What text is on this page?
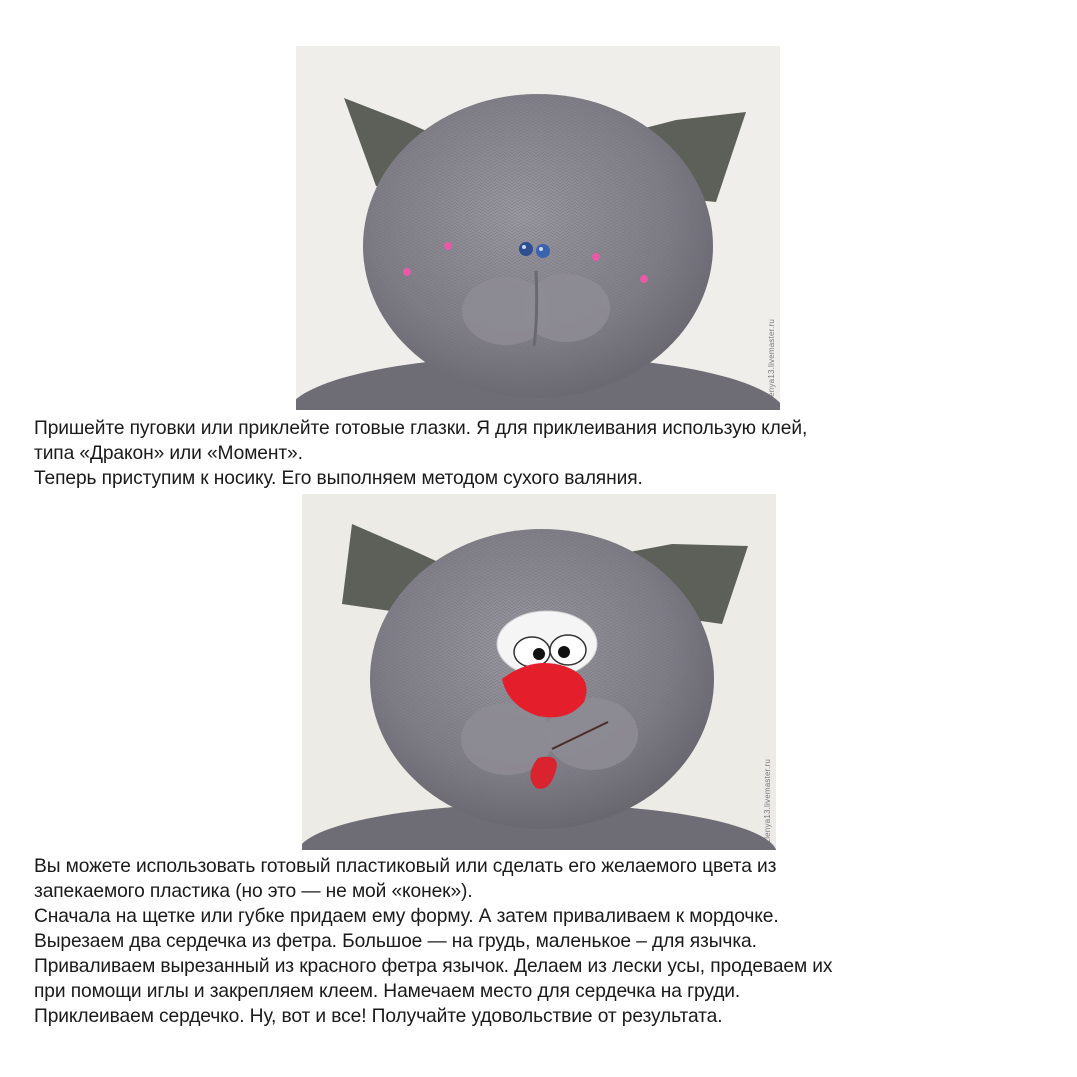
Elenya13.livemaster.ru
Пришейте пуговки или приклейте готовые глазки. Я для приклеивания использую клей,
типа «Дракон» или «Момент».
Теперь приступим к носику. Его выполняем методом сухого валяния.
Elenya13.livemaster.ru
Вы можете использовать готовый пластиковый или сделать его желаемого цвета из
запекаемого пластика (но это — не мой «конек»).
Сначала на щетке или губке придаем ему форму. А затем приваливаем к мордочке.
Вырезаем два сердечка из фетра. Большое — на грудь, маленькое – для язычка.
Приваливаем вырезанный из красного фетра язычок. Делаем из лески усы, продеваем их
при помощи иглы и закрепляем клеем. Намечаем место для сердечка на груди.
Приклеиваем сердечко. Ну, вот и все! Получайте удовольствие от результата.
